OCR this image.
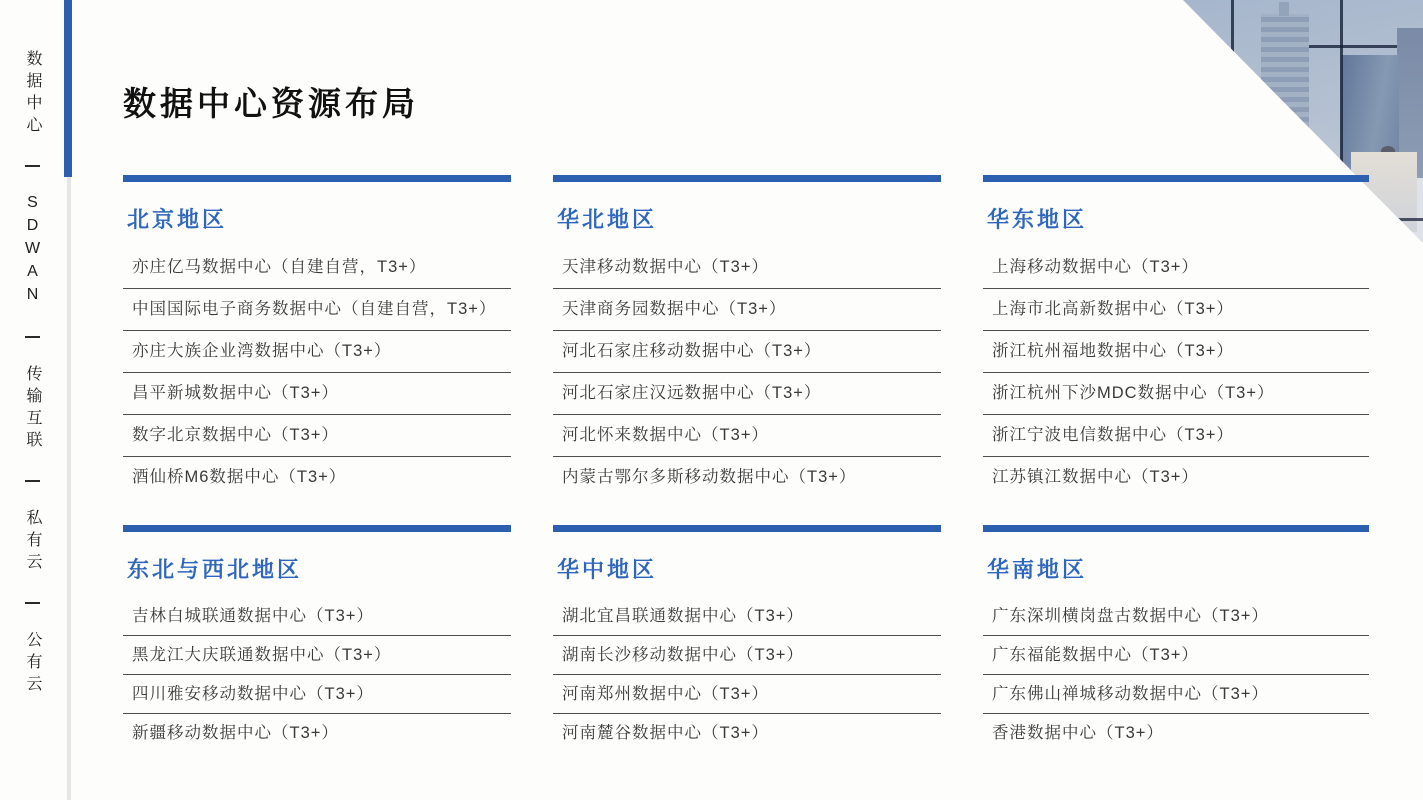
数据中心
SDWAN
传输互联
私有云
公有云
数据中心资源布局
北京地区
亦庄亿马数据中心（自建自营，T3+）
中国国际电子商务数据中心（自建自营，T3+）
亦庄大族企业湾数据中心（T3+）
昌平新城数据中心（T3+）
数字北京数据中心（T3+）
酒仙桥M6数据中心（T3+）
华北地区
天津移动数据中心（T3+）
天津商务园数据中心（T3+）
河北石家庄移动数据中心（T3+）
河北石家庄汉远数据中心（T3+）
河北怀来数据中心（T3+）
内蒙古鄂尔多斯移动数据中心（T3+）
华东地区
上海移动数据中心（T3+）
上海市北高新数据中心（T3+）
浙江杭州福地数据中心（T3+）
浙江杭州下沙MDC数据中心（T3+）
浙江宁波电信数据中心（T3+）
江苏镇江数据中心（T3+）
东北与西北地区
吉林白城联通数据中心（T3+）
黑龙江大庆联通数据中心（T3+）
四川雅安移动数据中心（T3+）
新疆移动数据中心（T3+）
华中地区
湖北宜昌联通数据中心（T3+）
湖南长沙移动数据中心（T3+）
河南郑州数据中心（T3+）
河南麓谷数据中心（T3+）
华南地区
广东深圳横岗盘古数据中心（T3+）
广东福能数据中心（T3+）
广东佛山禅城移动数据中心（T3+）
香港数据中心（T3+）
